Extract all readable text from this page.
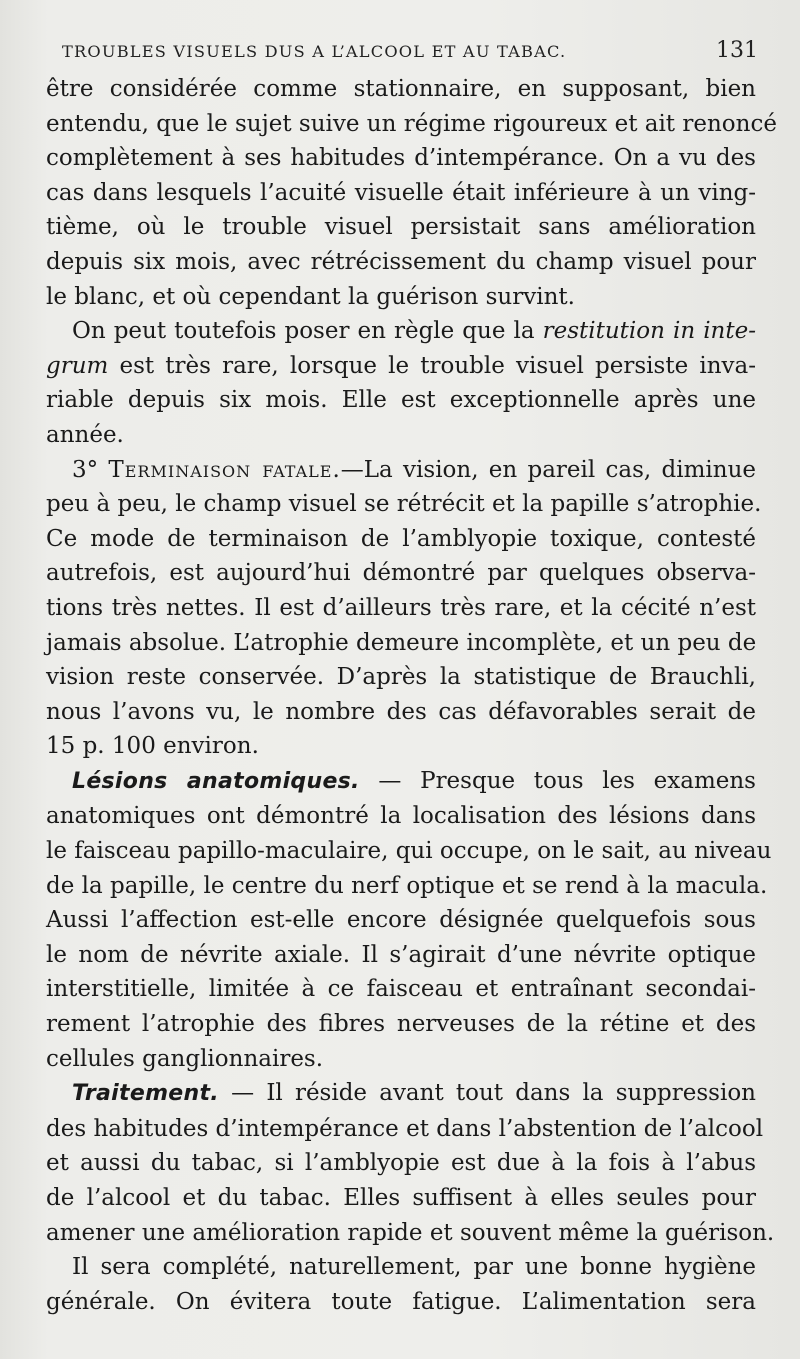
TROUBLES VISUELS DUS A L’ALCOOL ET AU TABAC.	131

être considérée comme stationnaire, en supposant, bien
entendu, que le sujet suive un régime rigoureux et ait renoncé
complètement à ses habitudes d’intempérance. On a vu des
cas dans lesquels l’acuité visuelle était inférieure à un ving-
tième, où le trouble visuel persistait sans amélioration
depuis six mois, avec rétrécissement du champ visuel pour
le blanc, et où cependant la guérison survint.

On peut toutefois poser en règle que la restitution in inte-
grum est très rare, lorsque le trouble visuel persiste inva-
riable depuis six mois. Elle est exceptionnelle après une
année.

3° Terminaison fatale.—La vision, en pareil cas, diminue
peu à peu, le champ visuel se rétrécit et la papille s’atrophie.
Ce mode de terminaison de l’amblyopie toxique, contesté
autrefois, est aujourd’hui démontré par quelques observa-
tions très nettes. Il est d’ailleurs très rare, et la cécité n’est
jamais absolue. L’atrophie demeure incomplète, et un peu de
vision reste conservée. D’après la statistique de Brauchli,
nous l’avons vu, le nombre des cas défavorables serait de
15 p. 100 environ.

Lésions anatomiques. — Presque tous les examens
anatomiques ont démontré la localisation des lésions dans
le faisceau papillo-maculaire, qui occupe, on le sait, au niveau
de la papille, le centre du nerf optique et se rend à la macula.
Aussi l’affection est-elle encore désignée quelquefois sous
le nom de névrite axiale. Il s’agirait d’une névrite optique
interstitielle, limitée à ce faisceau et entraînant secondai-
rement l’atrophie des fibres nerveuses de la rétine et des
cellules ganglionnaires.

Traitement. — Il réside avant tout dans la suppression
des habitudes d’intempérance et dans l’abstention de l’alcool
et aussi du tabac, si l’amblyopie est due à la fois à l’abus
de l’alcool et du tabac. Elles suffisent à elles seules pour
amener une amélioration rapide et souvent même la guérison.

Il sera complété, naturellement, par une bonne hygiène
générale. On évitera toute fatigue. L’alimentation sera
